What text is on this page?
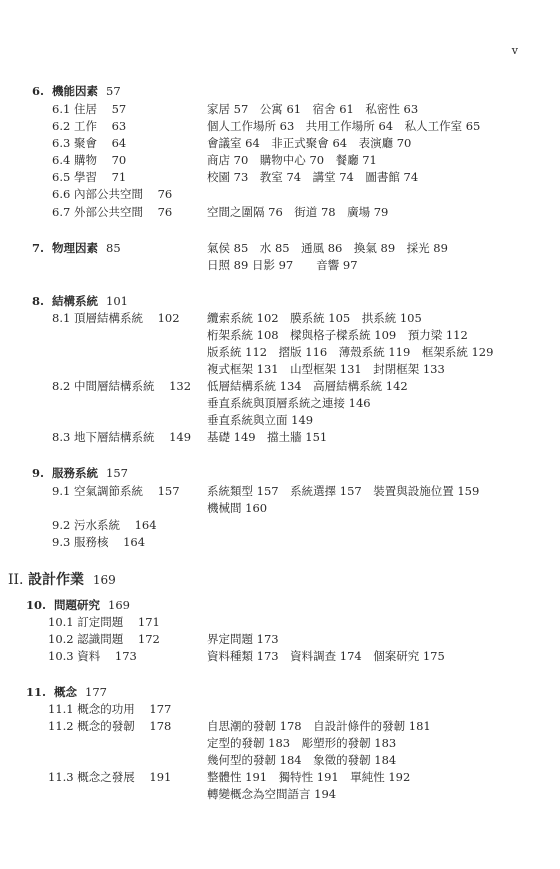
v
6. 機能因素 57
6.1 住居 57	家居 57　公寓 61　宿舍 61　私密性 63
6.2 工作 63	個人工作場所 63　共用工作場所 64　私人工作室 65
6.3 聚會 64	會議室 64　非正式聚會 64　表演廳 70
6.4 購物 70	商店 70　購物中心 70　餐廳 71
6.5 學習 71	校園 73　教室 74　講堂 74　圖書館 74
6.6 內部公共空間 76
6.7 外部公共空間 76	空間之圍隔 76　街道 78　廣場 79
7. 物理因素 85	氣侯 85　水 85　通風 86　換氣 89　採光 89
日照 89 日影 97　　音響 97
8. 結構系統 101
8.1 頂層結構系統 102 纜索系統 102　膜系統 105　拱系統 105
桁架系統 108　樑與格子樑系統 109　預力梁 112
版系統 112　摺版 116　薄殼系統 119　框架系統 129
複式框架 131　山型框架 131　封閉框架 133
8.2 中間層結構系統 132 低層結構系統 134　高層結構系統 142
垂直系統與頂層系統之連接 146
垂直系統與立面 149
8.3 地下層結構系統 149 基礎 149　擋土牆 151
9. 服務系統 157
9.1 空氣調節系統 157 系統類型 157　系統選擇 157　裝置與設施位置 159
機械間 160
9.2 污水系統 164
9.3 服務核 164
II. 設計作業 169
10. 問題研究 169
10.1 訂定問題 171
10.2 認識問題 172	界定問題 173
10.3 資料 173	資料種類 173　資料調查 174　個案研究 175
11. 概念 177
11.1 概念的功用 177
11.2 概念的發韌 178	自思潮的發韌 178　自設計條件的發韌 181
定型的發韌 183　彫塑形的發韌 183
幾何型的發韌 184　象徵的發韌 184
11.3 概念之發展 191	整體性 191　獨特性 191　單純性 192
轉變概念為空間語言 194
